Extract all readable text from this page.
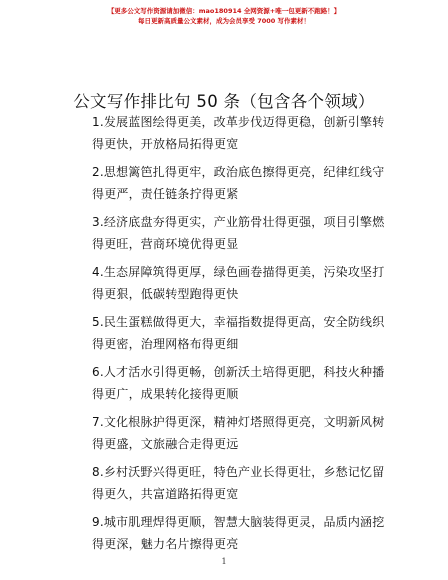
【更多公文写作资源请加微信：mao180914 全网资源+唯一包更新不跑路！】
每日更新高质量公文素材，成为会员享受 7000 写作素材！
公文写作排比句 50 条（包含各个领域）

1.发展蓝图绘得更美，改革步伐迈得更稳，创新引擎转得更快，开放格局拓得更宽

2.思想篱笆扎得更牢，政治底色擦得更亮，纪律红线守得更严，责任链条拧得更紧

3.经济底盘夯得更实，产业筋骨壮得更强，项目引擎燃得更旺，营商环境优得更显

4.生态屏障筑得更厚，绿色画卷描得更美，污染攻坚打得更狠，低碳转型跑得更快

5.民生蛋糕做得更大，幸福指数提得更高，安全防线织得更密，治理网格布得更细

6.人才活水引得更畅，创新沃土培得更肥，科技火种播得更广，成果转化接得更顺

7.文化根脉护得更深，精神灯塔照得更亮，文明新风树得更盛，文旅融合走得更远

8.乡村沃野兴得更旺，特色产业长得更壮，乡愁记忆留得更久，共富道路拓得更宽

9.城市肌理焊得更顺，智慧大脑装得更灵，品质内涵挖得更深，魅力名片擦得更亮

1
